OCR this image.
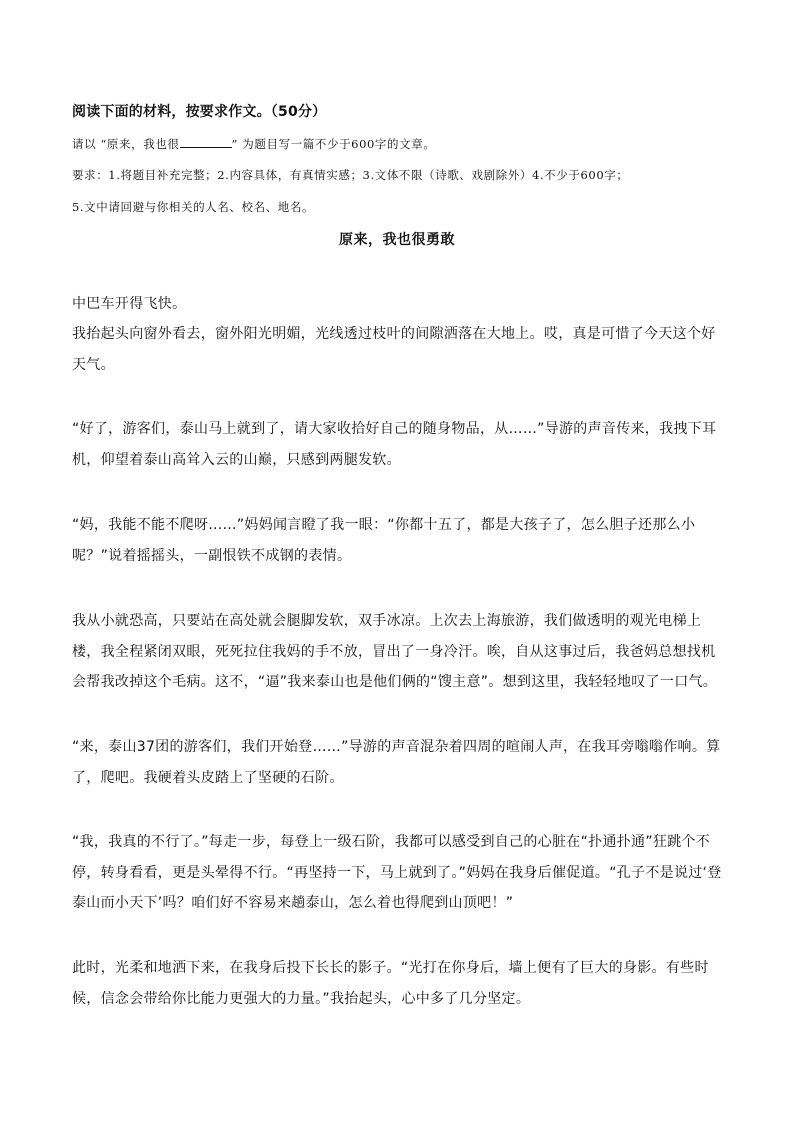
阅读下面的材料，按要求作文。（50分）
请以 “原来，我也很	” 为题目写一篇不少于600字的文章。
要求：1.将题目补充完整；2.内容具体，有真情实感；3.文体不限（诗歌、戏剧除外）4.不少于600字；
5.文中请回避与你相关的人名、校名、地名。
原来，我也很勇敢

中巴车开得飞快。

我抬起头向窗外看去，窗外阳光明媚，光线透过枝叶的间隙洒落在大地上。哎，真是可惜了今天这个好天气。

“好了，游客们，泰山马上就到了，请大家收拾好自己的随身物品，从……”导游的声音传来，我拽下耳机，仰望着泰山高耸入云的山巅，只感到两腿发软。

“妈，我能不能不爬呀……”妈妈闻言瞪了我一眼：“你都十五了，都是大孩子了，怎么胆子还那么小呢？”说着摇摇头，一副恨铁不成钢的表情。

我从小就恐高，只要站在高处就会腿脚发软，双手冰凉。上次去上海旅游，我们做透明的观光电梯上楼，我全程紧闭双眼，死死拉住我妈的手不放，冒出了一身冷汗。唉，自从这事过后，我爸妈总想找机会帮我改掉这个毛病。这不，“逼”我来泰山也是他们俩的“馊主意”。想到这里，我轻轻地叹了一口气。

“来，泰山37团的游客们，我们开始登……”导游的声音混杂着四周的喧闹人声，在我耳旁嗡嗡作响。算了，爬吧。我硬着头皮踏上了坚硬的石阶。

“我，我真的不行了。”每走一步，每登上一级石阶，我都可以感受到自己的心脏在“扑通扑通”狂跳个不停，转身看看，更是头晕得不行。“再坚持一下，马上就到了。”妈妈在我身后催促道。“孔子不是说过‘登泰山而小天下’吗？咱们好不容易来趟泰山，怎么着也得爬到山顶吧！”

此时，光柔和地洒下来，在我身后投下长长的影子。“光打在你身后，墙上便有了巨大的身影。有些时候，信念会带给你比能力更强大的力量。”我抬起头，心中多了几分坚定。
